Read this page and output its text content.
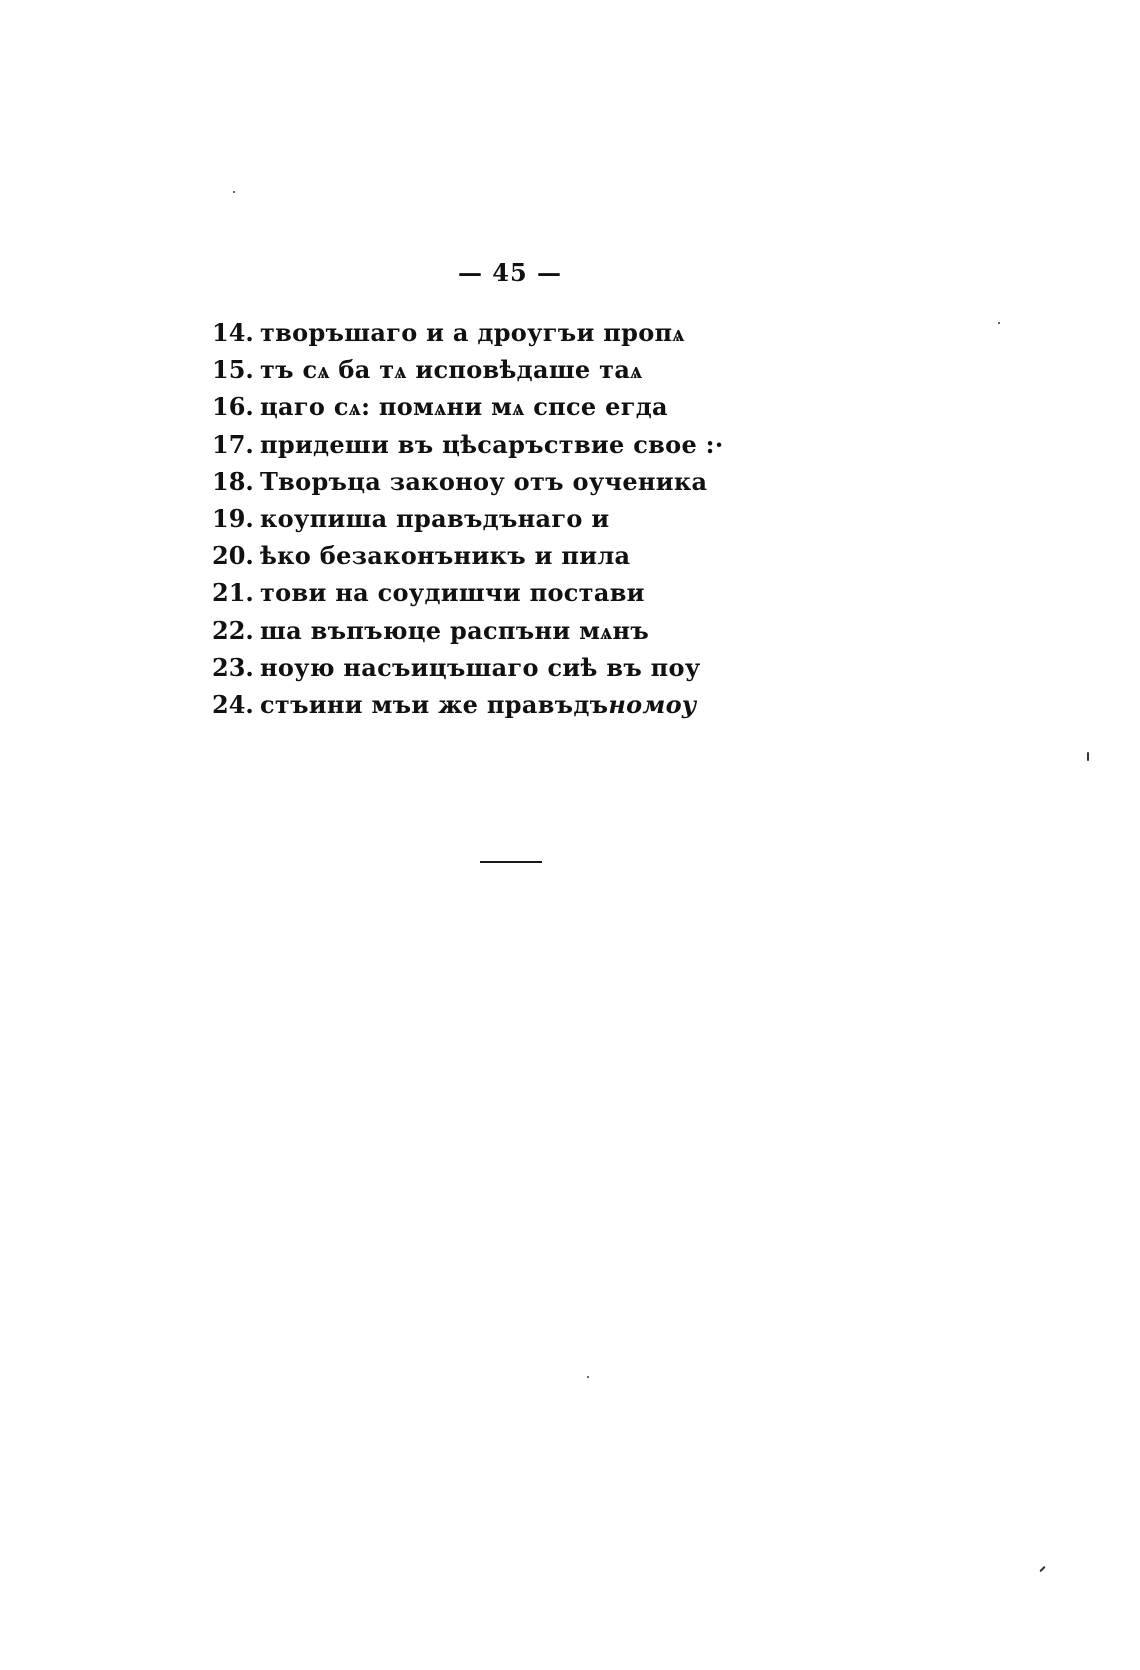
— 45 —
14. творъшаго и а дроугъи пропѧ
15. тъ сѧ ба тѧ исповѣдаше таѧ
16. цаго сѧ: помѧни мѧ спсе егда
17. придеши въ цѣсаръствие свое :·
18. Творъца законоу отъ оученика
19. коупиша правъдънаго и
20. ѣко безаконъникъ и пила
21. тови на соудишчи постави
22. ша въпъюце распъни мѧнъ
23. ноую насъицъшаго сиѣ въ поу
24. стъини мъи же правъдъномоу
